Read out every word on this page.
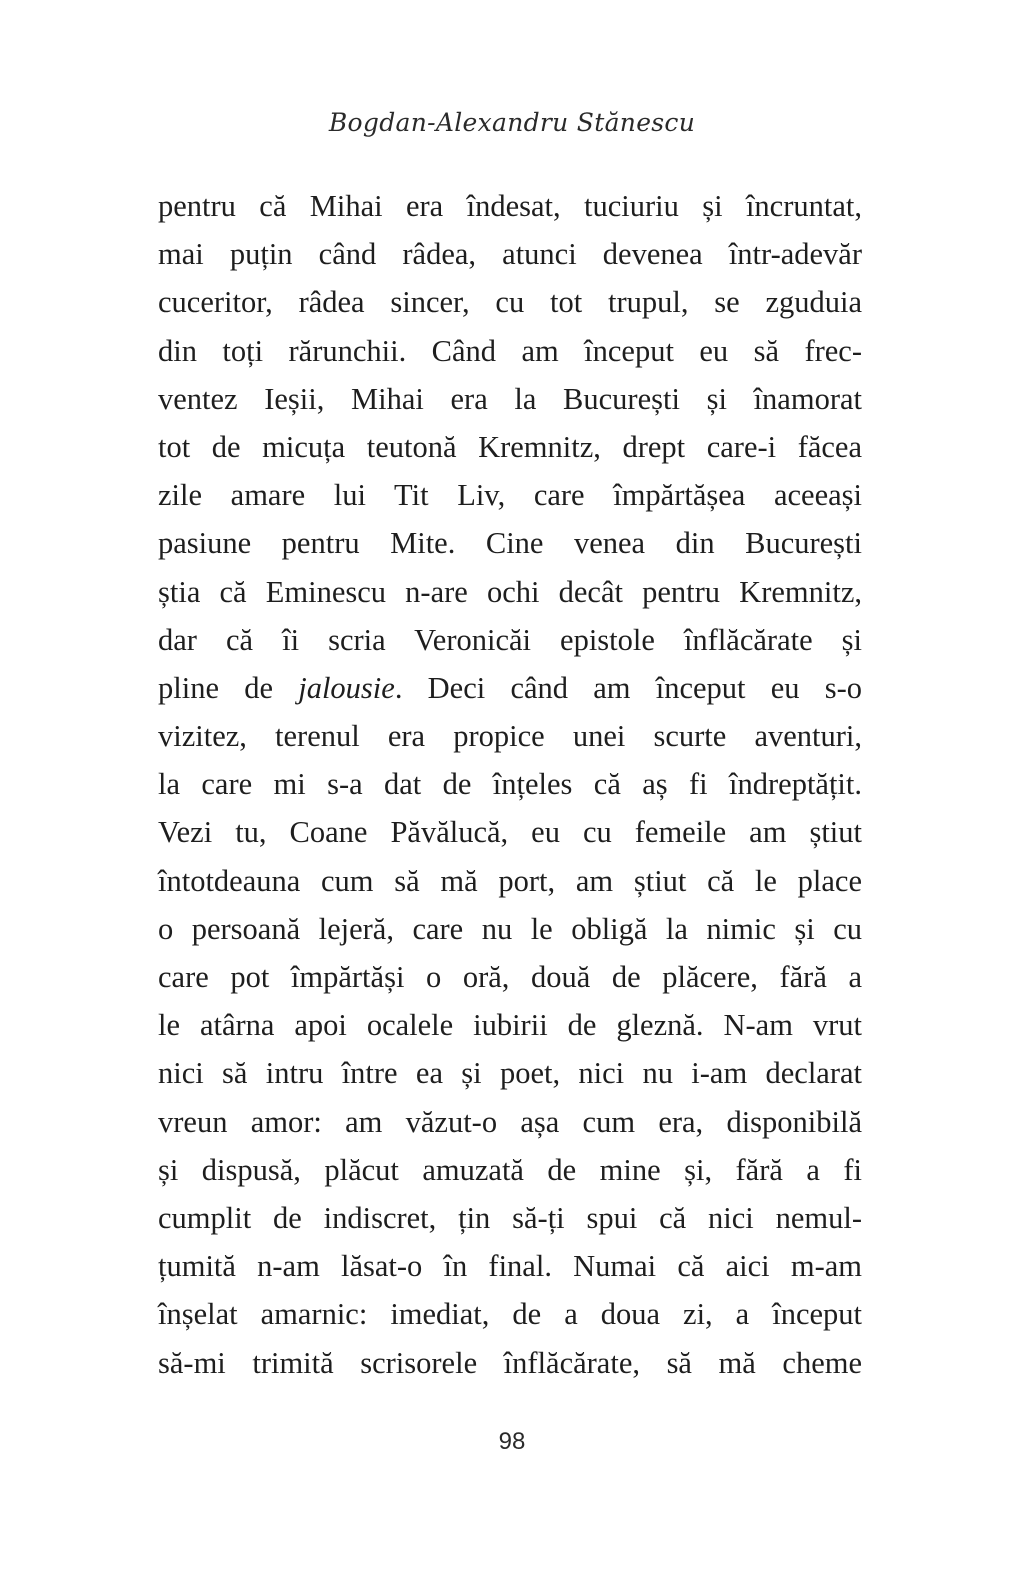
Bogdan-Alexandru Stănescu
pentru că Mihai era îndesat, tuciuriu și încruntat,
mai puțin când râdea, atunci devenea într-adevăr
cuceritor, râdea sincer, cu tot trupul, se zguduia
din toți rărunchii. Când am început eu să frec-
ventez Ieșii, Mihai era la București și înamorat
tot de micuța teutonă Kremnitz, drept care-i făcea
zile amare lui Tit Liv, care împărtășea aceeași
pasiune pentru Mite. Cine venea din București
știa că Eminescu n-are ochi decât pentru Kremnitz,
dar că îi scria Veronicăi epistole înflăcărate și
pline de jalousie. Deci când am început eu s-o
vizitez, terenul era propice unei scurte aventuri,
la care mi s-a dat de înțeles că aș fi îndreptățit.
Vezi tu, Coane Păvălucă, eu cu femeile am știut
întotdeauna cum să mă port, am știut că le place
o persoană lejeră, care nu le obligă la nimic și cu
care pot împărtăși o oră, două de plăcere, fără a
le atârna apoi ocalele iubirii de gleznă. N-am vrut
nici să intru între ea și poet, nici nu i-am declarat
vreun amor: am văzut-o așa cum era, disponibilă
și dispusă, plăcut amuzată de mine și, fără a fi
cumplit de indiscret, țin să-ți spui că nici nemul-
țumită n-am lăsat-o în final. Numai că aici m-am
înșelat amarnic: imediat, de a doua zi, a început
să-mi trimită scrisorele înflăcărate, să mă cheme
98
